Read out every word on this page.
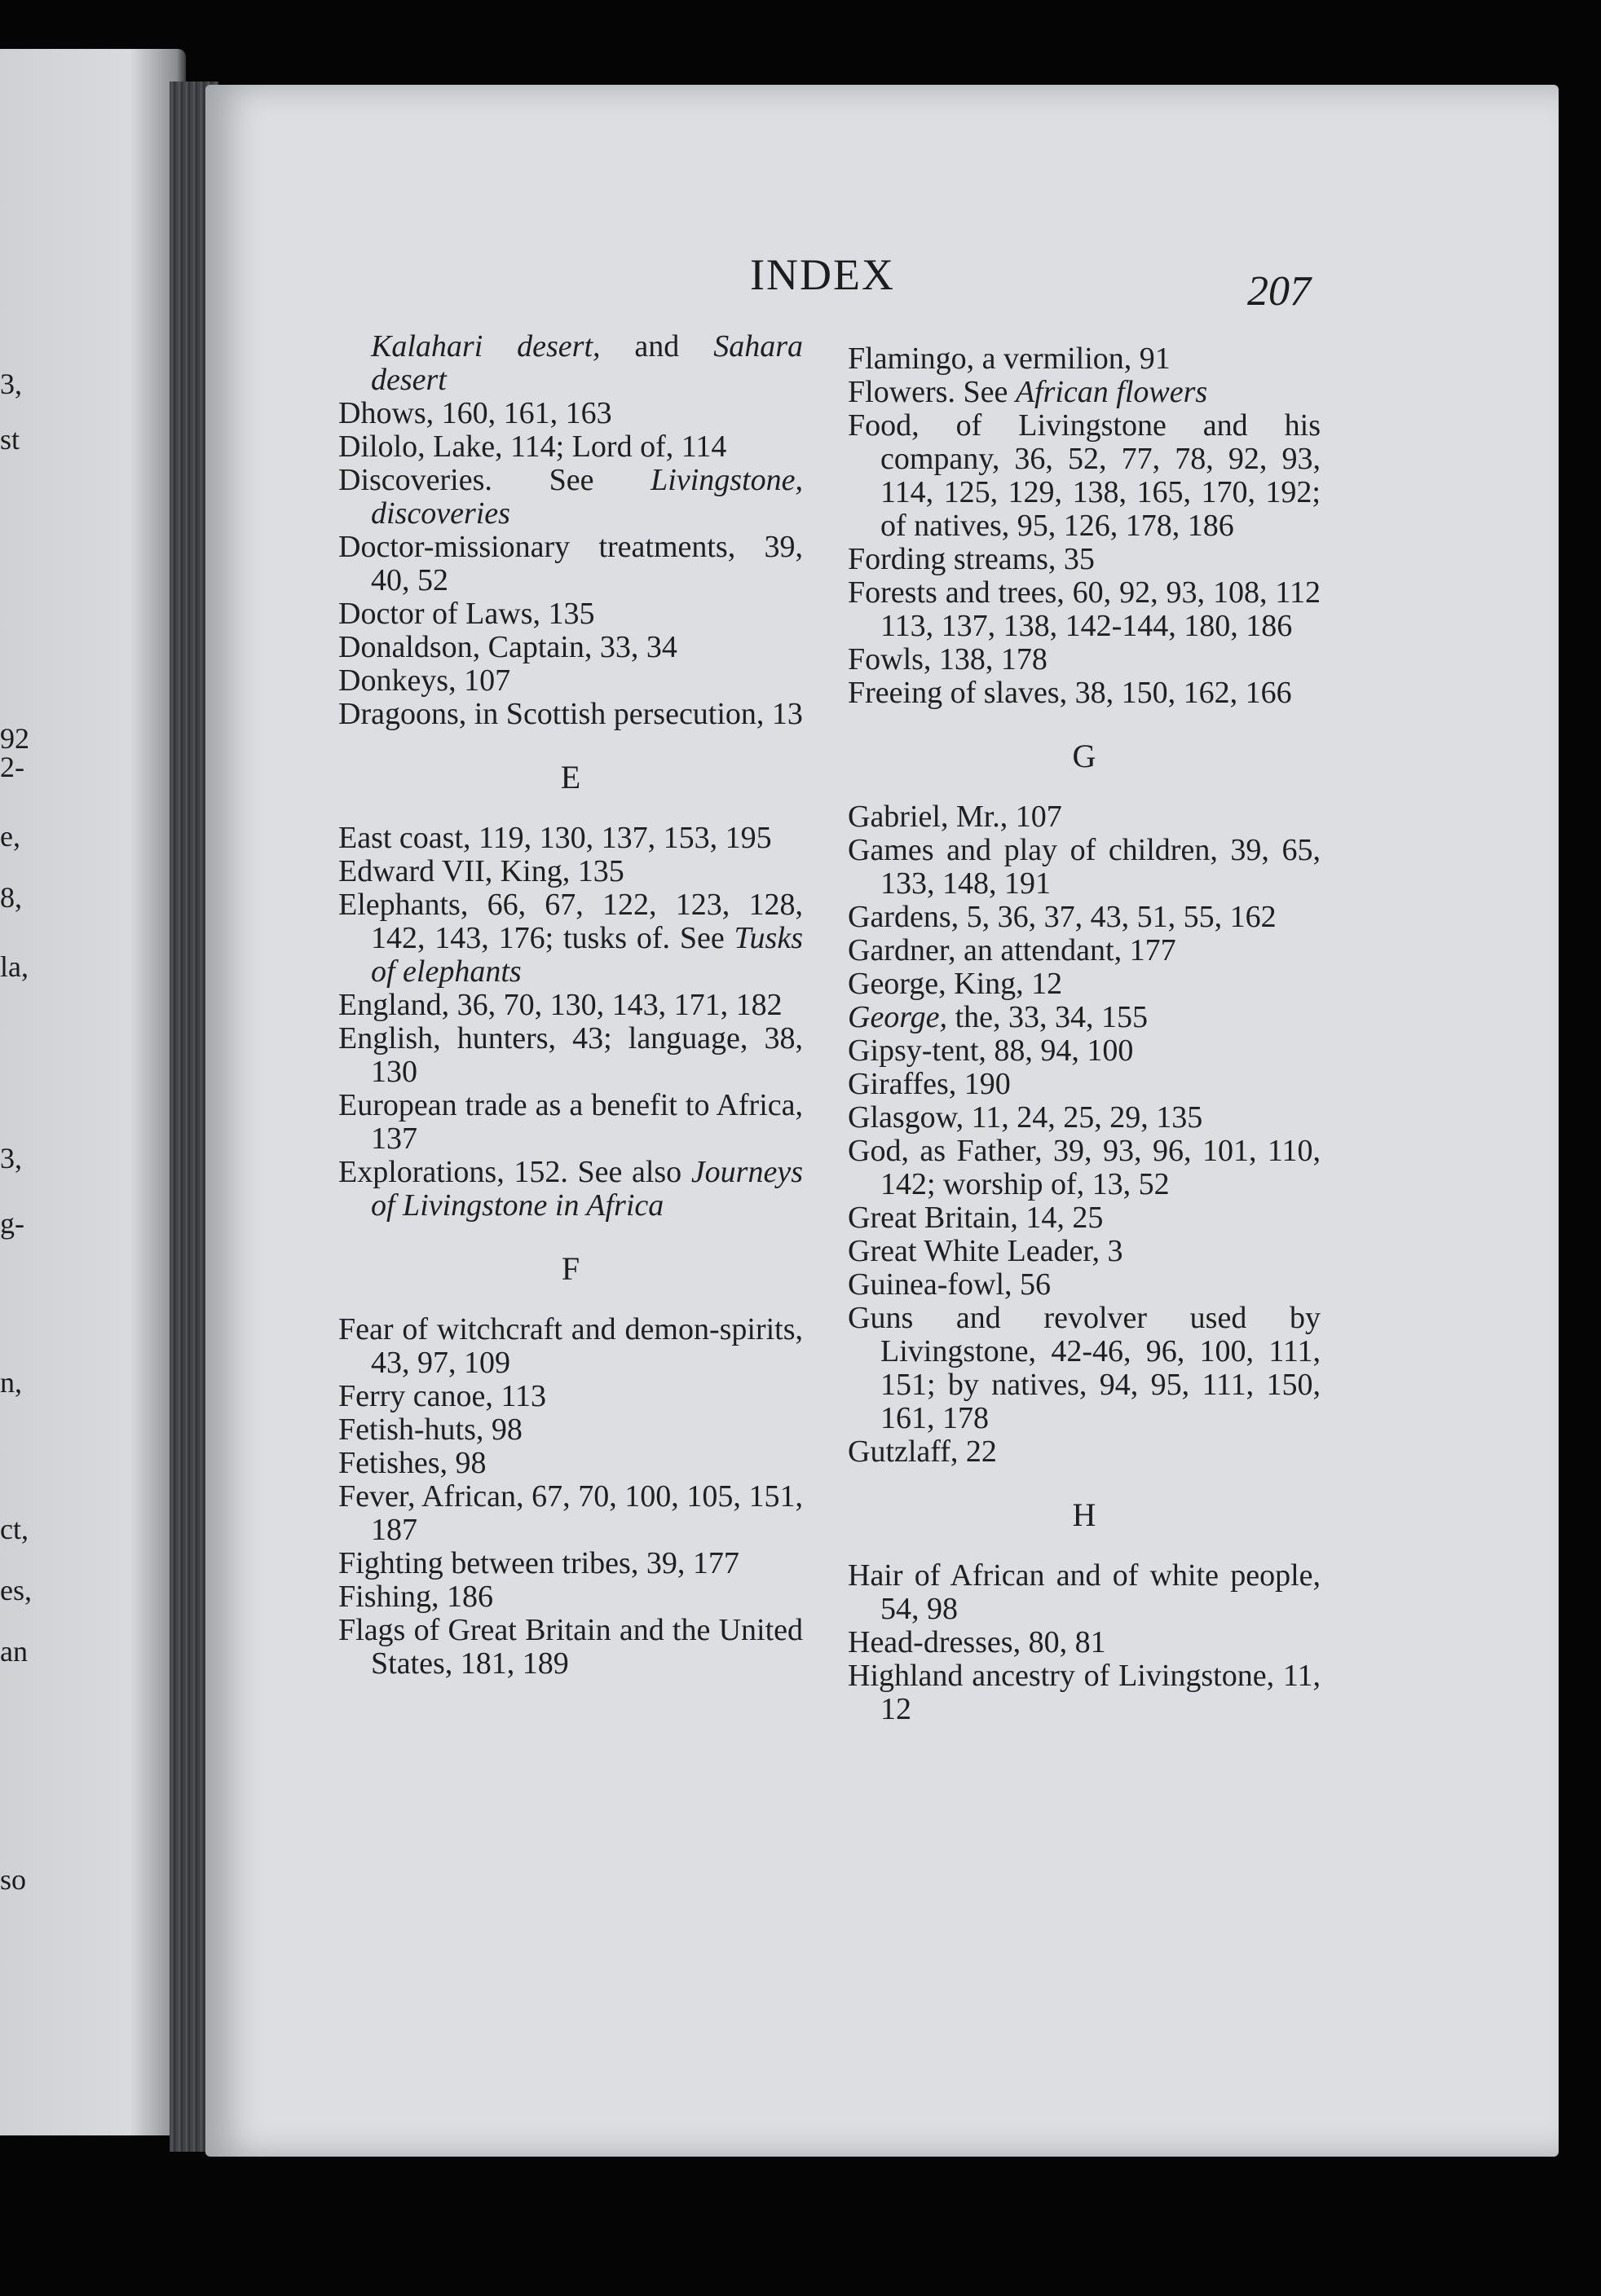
3,
st
92
2-
e,
8,
la,
3,
g-
n,
ct,
es,
an
so
INDEX	207

Kalahari desert, and Sahara desert

Dhows, 160, 161, 163

Dilolo, Lake, 114; Lord of, 114

Discoveries. See Livingstone, discoveries

Doctor-missionary treatments, 39, 40, 52

Doctor of Laws, 135

Donaldson, Captain, 33, 34

Donkeys, 107

Dragoons, in Scottish persecution, 13

E

East coast, 119, 130, 137, 153, 195

Edward VII, King, 135

Elephants, 66, 67, 122, 123, 128, 142, 143, 176; tusks of. See Tusks of elephants

England, 36, 70, 130, 143, 171, 182

English, hunters, 43; language, 38, 130

European trade as a benefit to Africa, 137

Explorations, 152. See also Journeys of Livingstone in Africa

F

Fear of witchcraft and demon-spirits, 43, 97, 109

Ferry canoe, 113

Fetish-huts, 98

Fetishes, 98

Fever, African, 67, 70, 100, 105, 151, 187

Fighting between tribes, 39, 177

Fishing, 186

Flags of Great Britain and the United States, 181, 189

Flamingo, a vermilion, 91

Flowers. See African flowers

Food, of Livingstone and his company, 36, 52, 77, 78, 92, 93, 114, 125, 129, 138, 165, 170, 192; of natives, 95, 126, 178, 186

Fording streams, 35

Forests and trees, 60, 92, 93, 108, 112 113, 137, 138, 142-144, 180, 186

Fowls, 138, 178

Freeing of slaves, 38, 150, 162, 166

G

Gabriel, Mr., 107

Games and play of children, 39, 65, 133, 148, 191

Gardens, 5, 36, 37, 43, 51, 55, 162

Gardner, an attendant, 177

George, King, 12

George, the, 33, 34, 155

Gipsy-tent, 88, 94, 100

Giraffes, 190

Glasgow, 11, 24, 25, 29, 135

God, as Father, 39, 93, 96, 101, 110, 142; worship of, 13, 52

Great Britain, 14, 25

Great White Leader, 3

Guinea-fowl, 56

Guns and revolver used by Livingstone, 42-46, 96, 100, 111, 151; by natives, 94, 95, 111, 150, 161, 178

Gutzlaff, 22

H

Hair of African and of white people, 54, 98

Head-dresses, 80, 81

Highland ancestry of Livingstone, 11, 12
